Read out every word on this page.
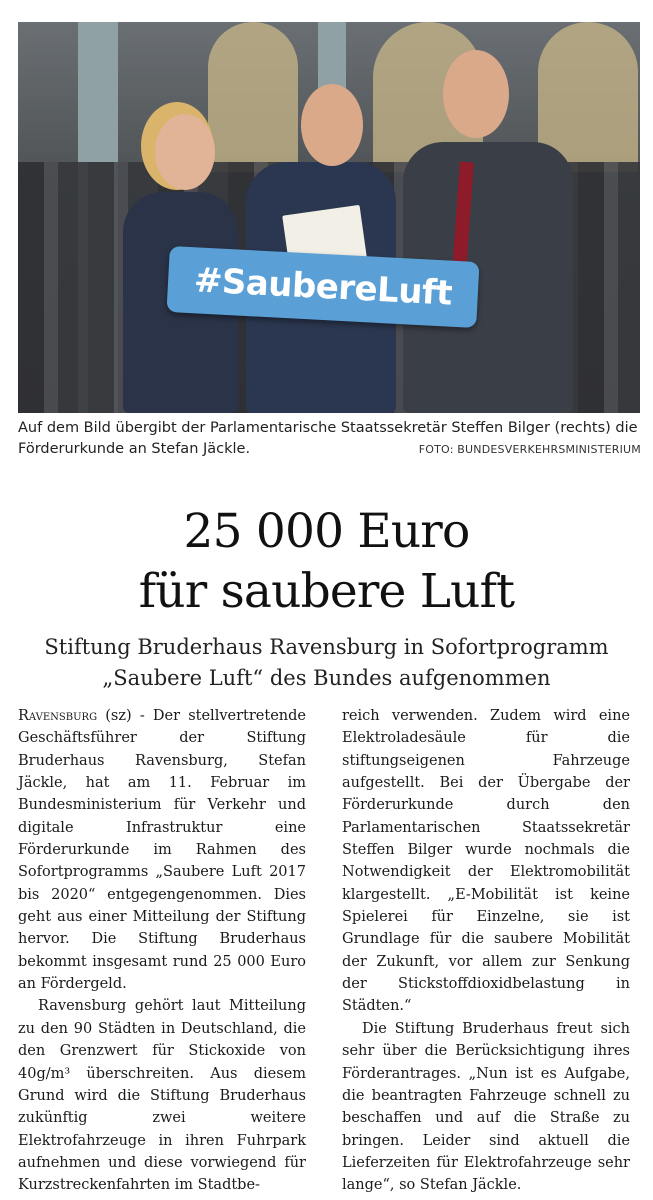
#SaubereLuft
Auf dem Bild übergibt der Parlamentarische Staatssekretär Steffen Bilger (rechts) die Förderurkunde an Stefan Jäckle.	FOTO: BUNDESVERKEHRSMINISTERIUM
25 000 Euro
für saubere Luft
Stiftung Bruderhaus Ravensburg in Sofortprogramm
„Saubere Luft“ des Bundes aufgenommen

Ravensburg (sz) - Der stellvertretende Geschäftsführer der Stiftung Bruderhaus Ravensburg, Stefan Jäckle, hat am 11. Februar im Bundesministerium für Verkehr und digitale Infrastruktur eine Förderurkunde im Rahmen des Sofortprogramms „Saubere Luft 2017 bis 2020“ entgegengenommen. Dies geht aus einer Mitteilung der Stiftung hervor. Die Stiftung Bruderhaus bekommt insgesamt rund 25 000 Euro an Fördergeld.

Ravensburg gehört laut Mitteilung zu den 90 Städten in Deutschland, die den Grenzwert für Stickoxide von 40g/m³ überschreiten. Aus diesem Grund wird die Stiftung Bruderhaus zukünftig zwei weitere Elektrofahrzeuge in ihren Fuhrpark aufnehmen und diese vorwiegend für Kurzstreckenfahrten im Stadtbe-

reich verwenden. Zudem wird eine Elektroladesäule für die stiftungseigenen Fahrzeuge aufgestellt. Bei der Übergabe der Förderurkunde durch den Parlamentarischen Staatssekretär Steffen Bilger wurde nochmals die Notwendigkeit der Elektromobilität klargestellt. „E-Mobilität ist keine Spielerei für Einzelne, sie ist Grundlage für die saubere Mobilität der Zukunft, vor allem zur Senkung der Stickstoffdioxidbelastung in Städten.“

Die Stiftung Bruderhaus freut sich sehr über die Berücksichtigung ihres Förderantrages. „Nun ist es Aufgabe, die beantragten Fahrzeuge schnell zu beschaffen und auf die Straße zu bringen. Leider sind aktuell die Lieferzeiten für Elektrofahrzeuge sehr lange“, so Stefan Jäckle.
